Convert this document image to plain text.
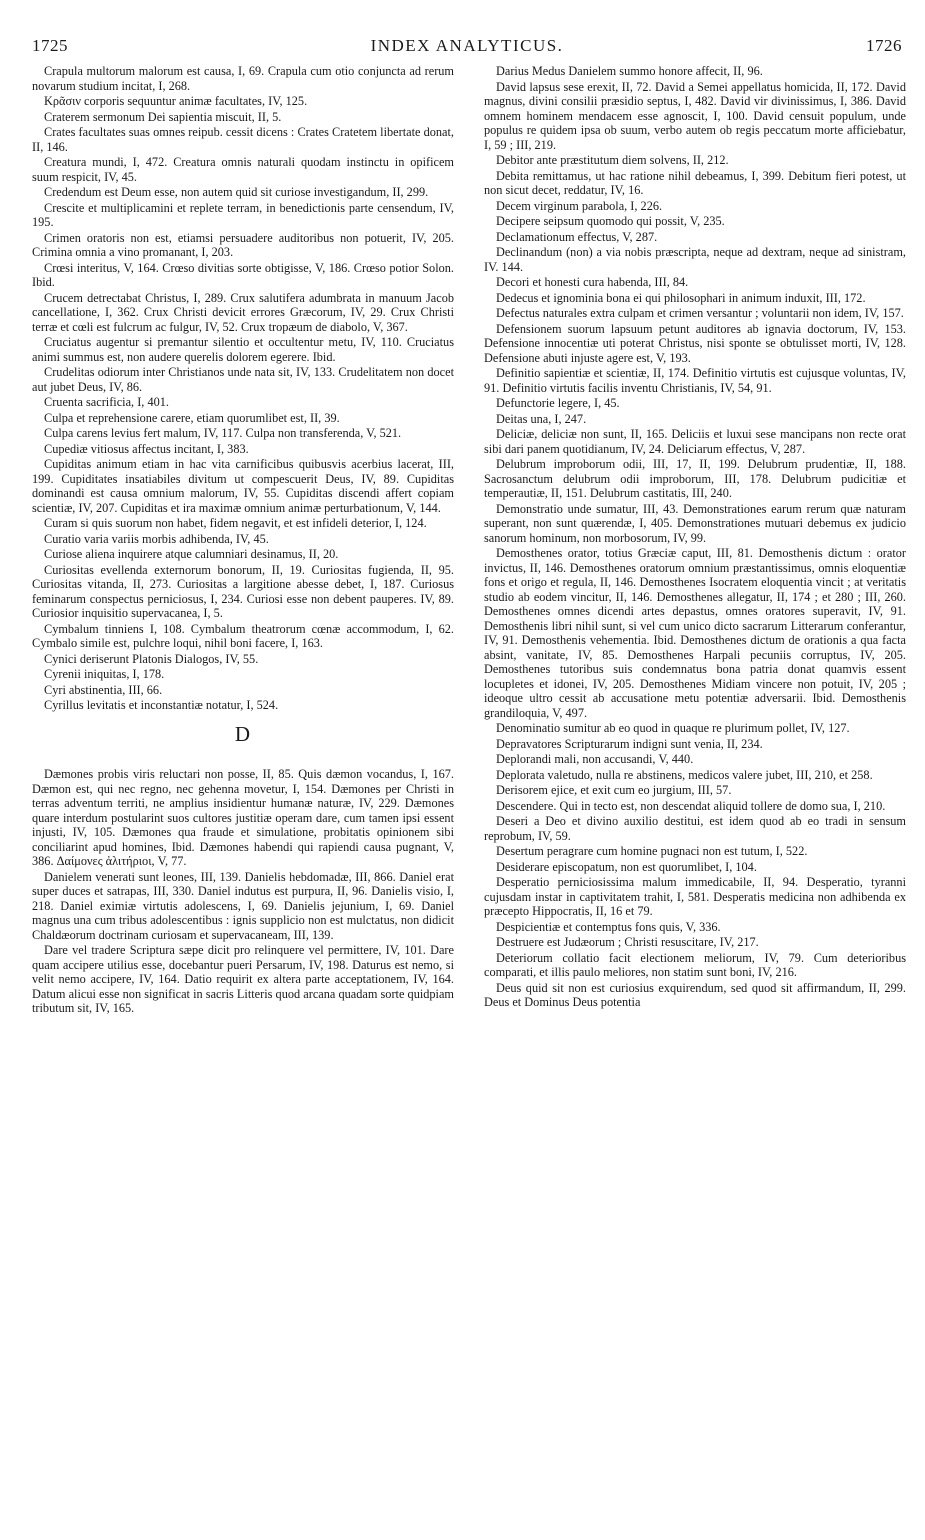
1725	INDEX ANALYTICUS.	1726

Crapula multorum malorum est causa, I, 69. Crapula cum otio conjuncta ad rerum novarum studium incitat, I, 268.

Κρᾶσιν corporis sequuntur animæ facultates, IV, 125.

Craterem sermonum Dei sapientia miscuit, II, 5.

Crates facultates suas omnes reipub. cessit dicens : Crates Cratetem libertate donat, II, 146.

Creatura mundi, I, 472. Creatura omnis naturali quodam instinctu in opificem suum respicit, IV, 45.

Credendum est Deum esse, non autem quid sit curiose investigandum, II, 299.

Crescite et multiplicamini et replete terram, in benedictionis parte censendum, IV, 195.

Crimen oratoris non est, etiamsi persuadere auditoribus non potuerit, IV, 205. Crimina omnia a vino promanant, I, 203.

Crœsi interitus, V, 164. Crœso divitias sorte obtigisse, V, 186. Crœso potior Solon. Ibid.

Crucem detrectabat Christus, I, 289. Crux salutifera adumbrata in manuum Jacob cancellatione, I, 362. Crux Christi devicit errores Græcorum, IV, 29. Crux Christi terræ et cœli est fulcrum ac fulgur, IV, 52. Crux tropæum de diabolo, V, 367.

Cruciatus augentur si premantur silentio et occultentur metu, IV, 110. Cruciatus animi summus est, non audere querelis dolorem egerere. Ibid.

Crudelitas odiorum inter Christianos unde nata sit, IV, 133. Crudelitatem non docet aut jubet Deus, IV, 86.

Cruenta sacrificia, I, 401.

Culpa et reprehensione carere, etiam quorumlibet est, II, 39.

Culpa carens levius fert malum, IV, 117. Culpa non transferenda, V, 521.

Cupediæ vitiosus affectus incitant, I, 383.

Cupiditas animum etiam in hac vita carnificibus quibusvis acerbius lacerat, III, 199. Cupiditates insatiabiles divitum ut compescuerit Deus, IV, 89. Cupiditas dominandi est causa omnium malorum, IV, 55. Cupiditas discendi affert copiam scientiæ, IV, 207. Cupiditas et ira maximæ omnium animæ perturbationum, V, 144.

Curam si quis suorum non habet, fidem negavit, et est infideli deterior, I, 124.

Curatio varia variis morbis adhibenda, IV, 45.

Curiose aliena inquirere atque calumniari desinamus, II, 20.

Curiositas evellenda externorum bonorum, II, 19. Curiositas fugienda, II, 95. Curiositas vitanda, II, 273. Curiositas a largitione abesse debet, I, 187. Curiosus feminarum conspectus perniciosus, I, 234. Curiosi esse non debent pauperes. IV, 89. Curiosior inquisitio supervacanea, I, 5.

Cymbalum tinniens I, 108. Cymbalum theatrorum cœnæ accommodum, I, 62. Cymbalo simile est, pulchre loqui, nihil boni facere, I, 163.

Cynici deriserunt Platonis Dialogos, IV, 55.

Cyrenii iniquitas, I, 178.

Cyri abstinentia, III, 66.

Cyrillus levitatis et inconstantiæ notatur, I, 524.

D

Dæmones probis viris reluctari non posse, II, 85. Quis dæmon vocandus, I, 167. Dæmon est, qui nec regno, nec gehenna movetur, I, 154. Dæmones per Christi in terras adventum territi, ne amplius insidientur humanæ naturæ, IV, 229. Dæmones quare interdum postularint suos cultores justitiæ operam dare, cum tamen ipsi essent injusti, IV, 105. Dæmones qua fraude et simulatione, probitatis opinionem sibi conciliarint apud homines, Ibid. Dæmones habendi qui rapiendi causa pugnant, V, 386. Δαίμονες ἀλιτήριοι, V, 77.

Danielem venerati sunt leones, III, 139. Danielis hebdomadæ, III, 866. Daniel erat super duces et satrapas, III, 330. Daniel indutus est purpura, II, 96. Danielis visio, I, 218. Daniel eximiæ virtutis adolescens, I, 69. Danielis jejunium, I, 69. Daniel magnus una cum tribus adolescentibus : ignis supplicio non est mulctatus, non didicit Chaldæorum doctrinam curiosam et supervacaneam, III, 139.

Dare vel tradere Scriptura sæpe dicit pro relinquere vel permittere, IV, 101. Dare quam accipere utilius esse, docebantur pueri Persarum, IV, 198. Daturus est nemo, si velit nemo accipere, IV, 164. Datio requirit ex altera parte acceptationem, IV, 164. Datum alicui esse non significat in sacris Litteris quod arcana quadam sorte quidpiam tributum sit, IV, 165.

Darius Medus Danielem summo honore affecit, II, 96.

David lapsus sese erexit, II, 72. David a Semei appellatus homicida, II, 172. David magnus, divini consilii præsidio septus, I, 482. David vir divinissimus, I, 386. David omnem hominem mendacem esse agnoscit, I, 100. David censuit populum, unde populus re quidem ipsa ob suum, verbo autem ob regis peccatum morte afficiebatur, I, 59 ; III, 219.

Debitor ante præstitutum diem solvens, II, 212.

Debita remittamus, ut hac ratione nihil debeamus, I, 399. Debitum fieri potest, ut non sicut decet, reddatur, IV, 16.

Decem virginum parabola, I, 226.

Decipere seipsum quomodo qui possit, V, 235.

Declamationum effectus, V, 287.

Declinandum (non) a via nobis præscripta, neque ad dextram, neque ad sinistram, IV. 144.

Decori et honesti cura habenda, III, 84.

Dedecus et ignominia bona ei qui philosophari in animum induxit, III, 172.

Defectus naturales extra culpam et crimen versantur ; voluntarii non idem, IV, 157.

Defensionem suorum lapsuum petunt auditores ab ignavia doctorum, IV, 153. Defensione innocentiæ uti poterat Christus, nisi sponte se obtulisset morti, IV, 128. Defensione abuti injuste agere est, V, 193.

Definitio sapientiæ et scientiæ, II, 174. Definitio virtutis est cujusque voluntas, IV, 91. Definitio virtutis facilis inventu Christianis, IV, 54, 91.

Defunctorie legere, I, 45.

Deitas una, I, 247.

Deliciæ, deliciæ non sunt, II, 165. Deliciis et luxui sese mancipans non recte orat sibi dari panem quotidianum, IV, 24. Deliciarum effectus, V, 287.

Delubrum improborum odii, III, 17, II, 199. Delubrum prudentiæ, II, 188. Sacrosanctum delubrum odii improborum, III, 178. Delubrum pudicitiæ et temperautiæ, II, 151. Delubrum castitatis, III, 240.

Demonstratio unde sumatur, III, 43. Demonstrationes earum rerum quæ naturam superant, non sunt quærendæ, I, 405. Demonstrationes mutuari debemus ex judicio sanorum hominum, non morbosorum, IV, 99.

Demosthenes orator, totius Græciæ caput, III, 81. Demosthenis dictum : orator invictus, II, 146. Demosthenes oratorum omnium præstantissimus, omnis eloquentiæ fons et origo et regula, II, 146. Demosthenes Isocratem eloquentia vincit ; at veritatis studio ab eodem vincitur, II, 146. Demosthenes allegatur, II, 174 ; et 280 ; III, 260. Demosthenes omnes dicendi artes depastus, omnes oratores superavit, IV, 91. Demosthenis libri nihil sunt, si vel cum unico dicto sacrarum Litterarum conferantur, IV, 91. Demosthenis vehementia. Ibid. Demosthenes dictum de orationis a qua facta absint, vanitate, IV, 85. Demosthenes Harpali pecuniis corruptus, IV, 205. Demosthenes tutoribus suis condemnatus bona patria donat quamvis essent locupletes et idonei, IV, 205. Demosthenes Midiam vincere non potuit, IV, 205 ; ideoque ultro cessit ab accusatione metu potentiæ adversarii. Ibid. Demosthenis grandiloquia, V, 497.

Denominatio sumitur ab eo quod in quaque re plurimum pollet, IV, 127.

Depravatores Scripturarum indigni sunt venia, II, 234.

Deplorandi mali, non accusandi, V, 440.

Deplorata valetudo, nulla re abstinens, medicos valere jubet, III, 210, et 258.

Derisorem ejice, et exit cum eo jurgium, III, 57.

Descendere. Qui in tecto est, non descendat aliquid tollere de domo sua, I, 210.

Deseri a Deo et divino auxilio destitui, est idem quod ab eo tradi in sensum reprobum, IV, 59.

Desertum peragrare cum homine pugnaci non est tutum, I, 522.

Desiderare episcopatum, non est quorumlibet, I, 104.

Desperatio perniciosissima malum immedicabile, II, 94. Desperatio, tyranni cujusdam instar in captivitatem trahit, I, 581. Desperatis medicina non adhibenda ex præcepto Hippocratis, II, 16 et 79.

Despicientiæ et contemptus fons quis, V, 336.

Destruere est Judæorum ; Christi resuscitare, IV, 217.

Deteriorum collatio facit electionem meliorum, IV, 79. Cum deterioribus comparati, et illis paulo meliores, non statim sunt boni, IV, 216.

Deus quid sit non est curiosius exquirendum, sed quod sit affirmandum, II, 299. Deus et Dominus Deus potentia
